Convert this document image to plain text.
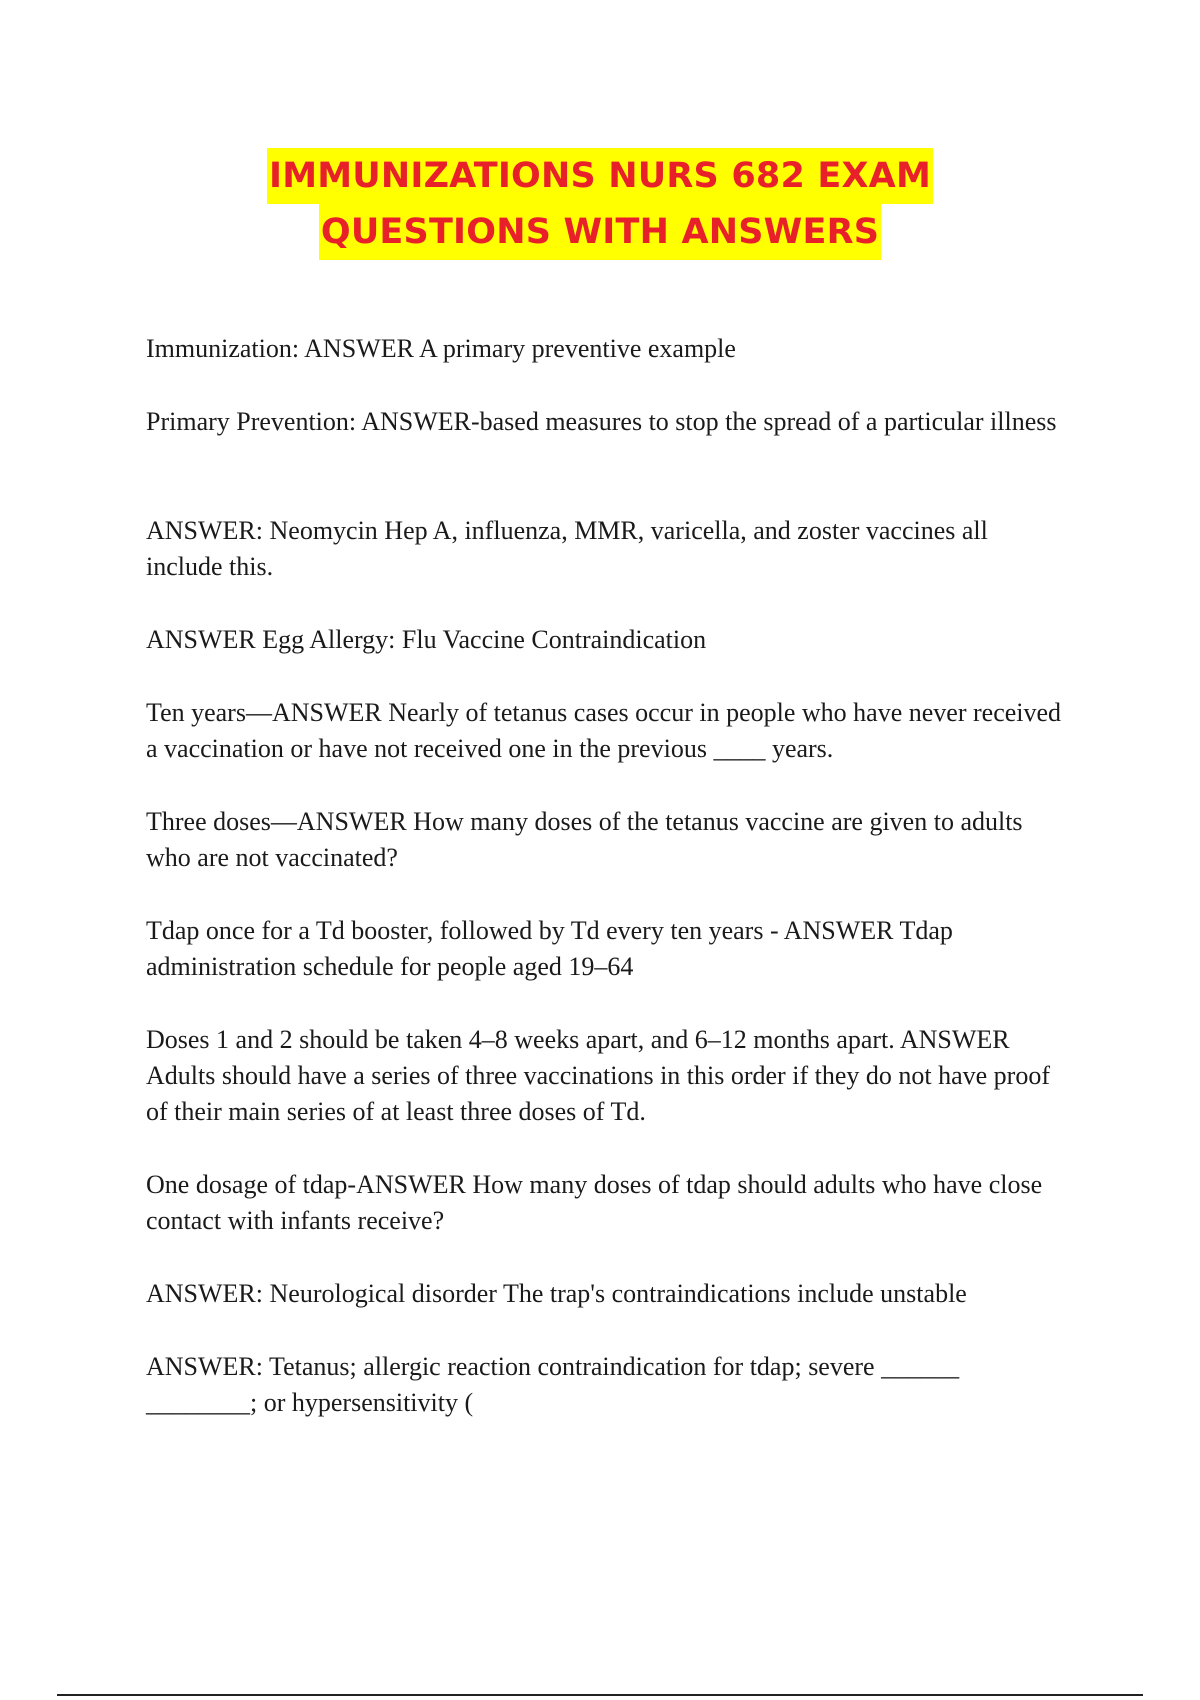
IMMUNIZATIONS NURS 682 EXAM
QUESTIONS WITH ANSWERS

Immunization: ANSWER A primary preventive example

Primary Prevention: ANSWER-based measures to stop the spread of a particular illness

ANSWER: Neomycin Hep A, influenza, MMR, varicella, and zoster vaccines all include this.

ANSWER Egg Allergy: Flu Vaccine Contraindication

Ten years—ANSWER Nearly of tetanus cases occur in people who have never received a vaccination or have not received one in the previous ____ years.

Three doses—ANSWER How many doses of the tetanus vaccine are given to adults who are not vaccinated?

Tdap once for a Td booster, followed by Td every ten years - ANSWER Tdap administration schedule for people aged 19–64

Doses 1 and 2 should be taken 4–8 weeks apart, and 6–12 months apart. ANSWER Adults should have a series of three vaccinations in this order if they do not have proof of their main series of at least three doses of Td.

One dosage of tdap-ANSWER How many doses of tdap should adults who have close contact with infants receive?

ANSWER: Neurological disorder The trap's contraindications include unstable

ANSWER: Tetanus; allergic reaction contraindication for tdap; severe ______ ________; or hypersensitivity (
